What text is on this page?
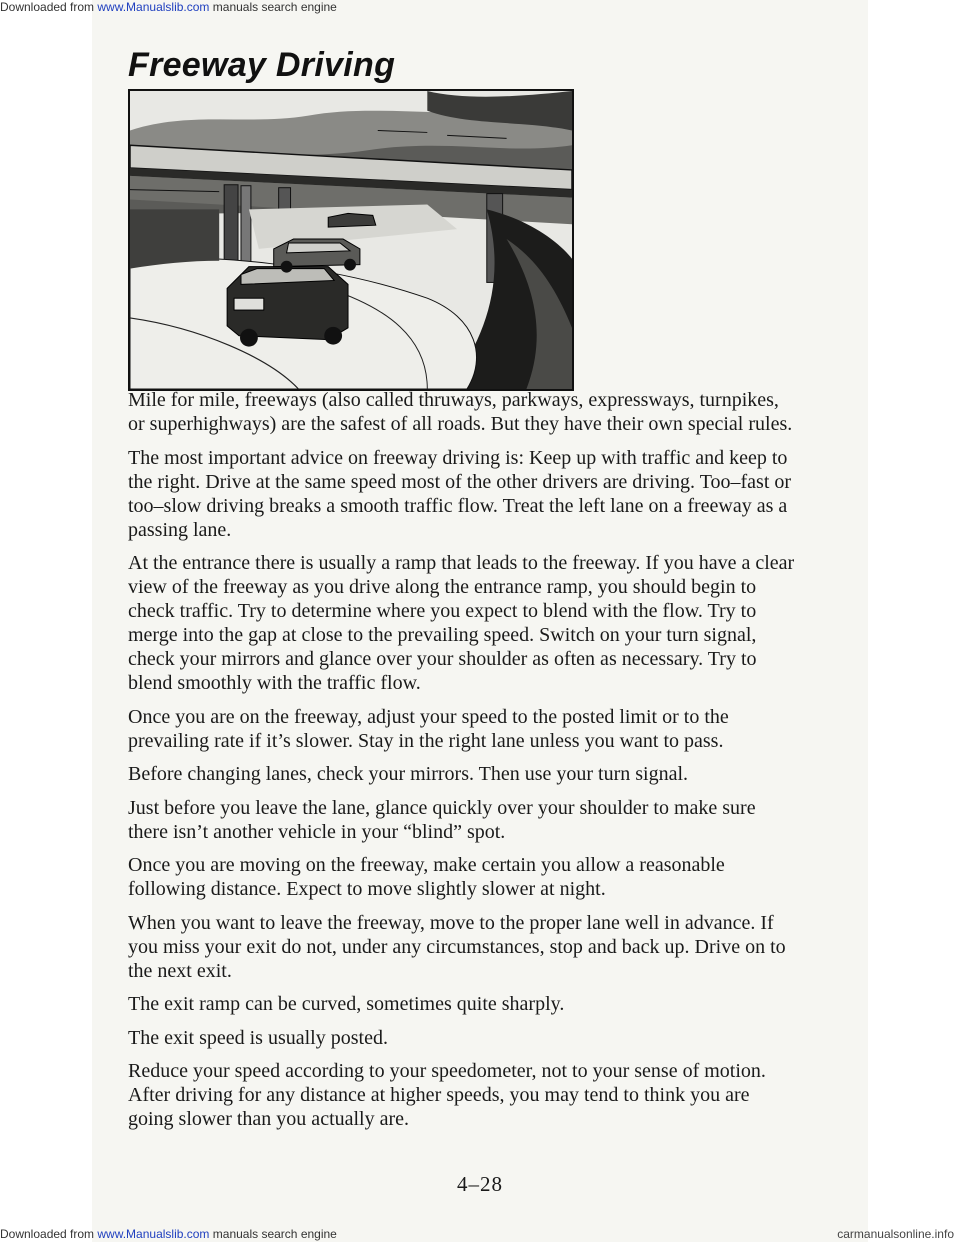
Downloaded from www.Manualslib.com manuals search engine
Freeway Driving

Mile for mile, freeways (also called thruways, parkways, expressways, turnpikes, or superhighways) are the safest of all roads. But they have their own special rules.

The most important advice on freeway driving is: Keep up with traffic and keep to the right. Drive at the same speed most of the other drivers are driving. Too–fast or too–slow driving breaks a smooth traffic flow. Treat the left lane on a freeway as a passing lane.

At the entrance there is usually a ramp that leads to the freeway. If you have a clear view of the freeway as you drive along the entrance ramp, you should begin to check traffic. Try to determine where you expect to blend with the flow. Try to merge into the gap at close to the prevailing speed. Switch on your turn signal, check your mirrors and glance over your shoulder as often as necessary. Try to blend smoothly with the traffic flow.

Once you are on the freeway, adjust your speed to the posted limit or to the prevailing rate if it’s slower. Stay in the right lane unless you want to pass.

Before changing lanes, check your mirrors. Then use your turn signal.

Just before you leave the lane, glance quickly over your shoulder to make sure there isn’t another vehicle in your “blind” spot.

Once you are moving on the freeway, make certain you allow a reasonable following distance. Expect to move slightly slower at night.

When you want to leave the freeway, move to the proper lane well in advance. If you miss your exit do not, under any circumstances, stop and back up. Drive on to the next exit.

The exit ramp can be curved, sometimes quite sharply.

The exit speed is usually posted.

Reduce your speed according to your speedometer, not to your sense of motion. After driving for any distance at higher speeds, you may tend to think you are going slower than you actually are.

4–28
Downloaded from www.Manualslib.com manuals search engine	carmanualsonline.info
